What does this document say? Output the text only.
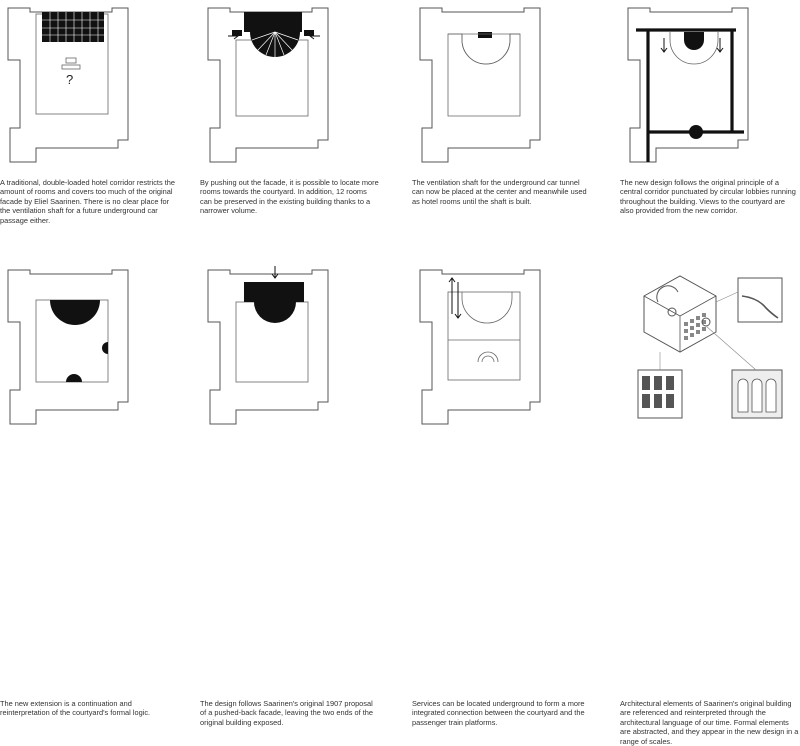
?

A traditional, double-loaded hotel corridor restricts the amount of rooms and covers too much of the original facade by Eliel Saarinen. There is no clear place for the ventilation shaft for a future underground car passage either.

By pushing out the facade, it is possible to locate more rooms towards the courtyard. In addition, 12 rooms can be preserved in the existing building thanks to a narrower volume.

The ventilation shaft for the underground car tunnel can now be placed at the center and meanwhile used as hotel rooms until the shaft is built.

The new design follows the original principle of a central corridor punctuated by circular lobbies running throughout the building. Views to the courtyard are also provided from the new corridor.

The new extension is a continuation and reinterpretation of the courtyard's formal logic.

The design follows Saarinen's original 1907 proposal of a pushed-back facade, leaving the two ends of the original building exposed.

Services can be located underground to form a more integrated connection between the courtyard and the passenger train platforms.

Architectural elements of Saarinen's original building are referenced and reinterpreted through the architectural language of our time. Formal elements are abstracted, and they appear in the new design in a range of scales.
